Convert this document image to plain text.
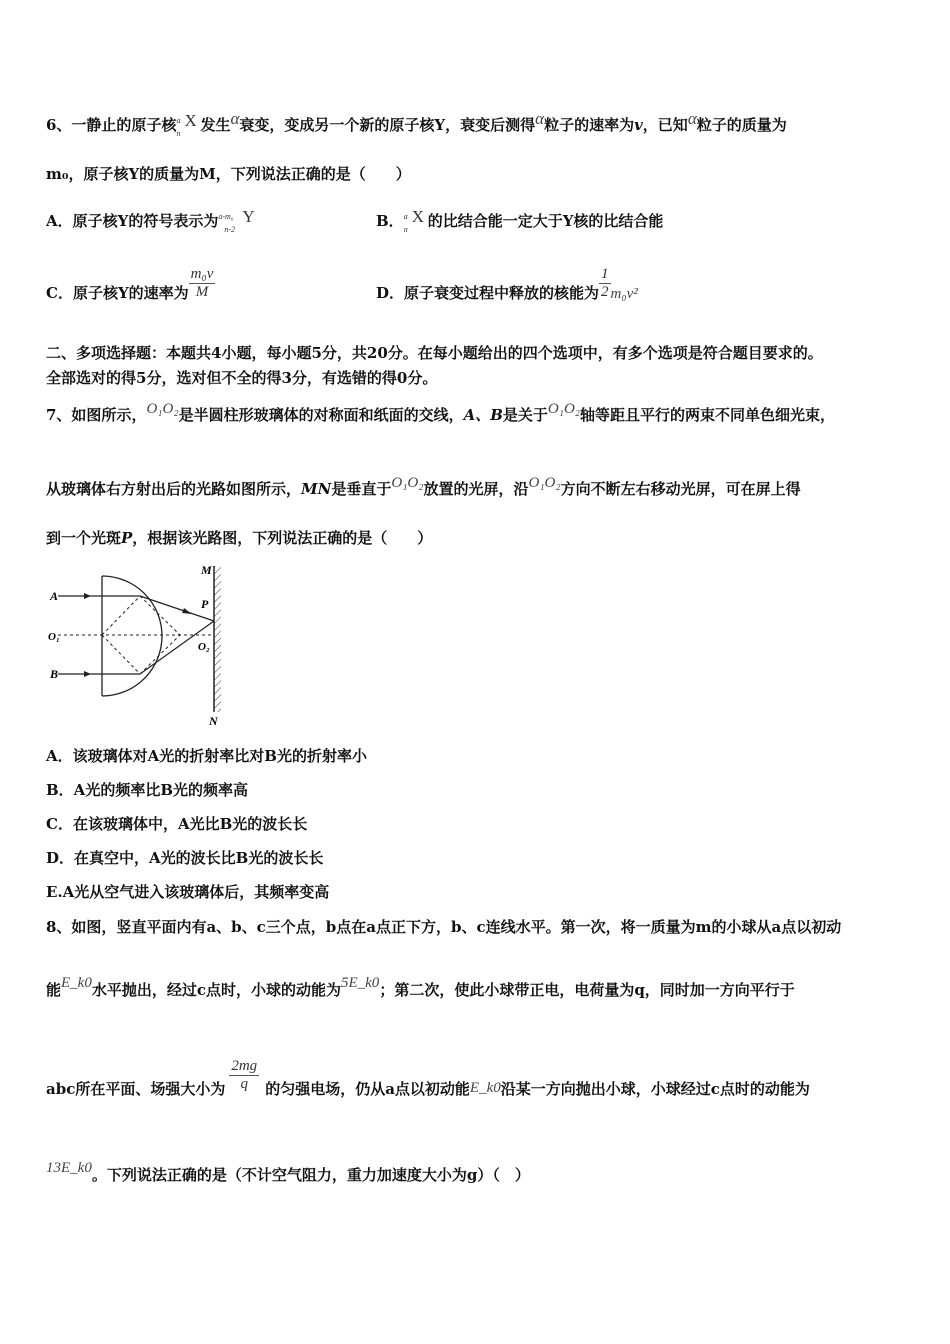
6、一静止的原子核 a
n
X 发生α衰变，变成另一个新的原子核Y，衰变后测得α粒子的速率为v，已知α粒子的质量为
m₀，原子核Y的质量为M，下列说法正确的是（　　）
A．原子核Y的符号表示为 a-m₀
n-2
Y	B． a
n
X 的比结合能一定大于Y核的比结合能
C．原子核Y的速率为 $\frac{\text{m₀v}}{M}$	D．原子衰变过程中释放的核能为 $\frac{1}{2} m_0v^2$
二、多项选择题：本题共4小题，每小题5分，共20分。在每小题给出的四个选项中，有多个选项是符合题目要求的。
全部选对的得5分，选对但不全的得3分，有选错的得0分。
7、如图所示，O₁O₂是半圆柱形玻璃体的对称面和纸面的交线，A、B是关于O₁O₂轴等距且平行的两束不同单色细光束，
从玻璃体右方射出后的光路如图所示，MN是垂直于O₁O₂放置的光屏，沿O₁O₂方向不断左右移动光屏，可在屏上得
到一个光斑P，根据该光路图，下列说法正确的是（　　）
M
A
P
O₁
O₂
B
N
A．该玻璃体对A光的折射率比对B光的折射率小
B．A光的频率比B光的频率高
C．在该玻璃体中，A光比B光的波长长
D．在真空中，A光的波长比B光的波长长
E.A光从空气进入该玻璃体后，其频率变高
8、如图，竖直平面内有a、b、c三个点，b点在a点正下方，b、c连线水平。第一次，将一质量为m的小球从a点以初动
能E_k0水平抛出，经过c点时，小球的动能为5E_k0；第二次，使此小球带正电，电荷量为q，同时加一方向平行于
abc所在平面、场强大小为 $\frac{2mg}{q}$ 的匀强电场，仍从a点以初动能E_k0沿某一方向抛出小球，小球经过c点时的动能为
13E_k0。下列说法正确的是（不计空气阻力，重力加速度大小为g）（　）
